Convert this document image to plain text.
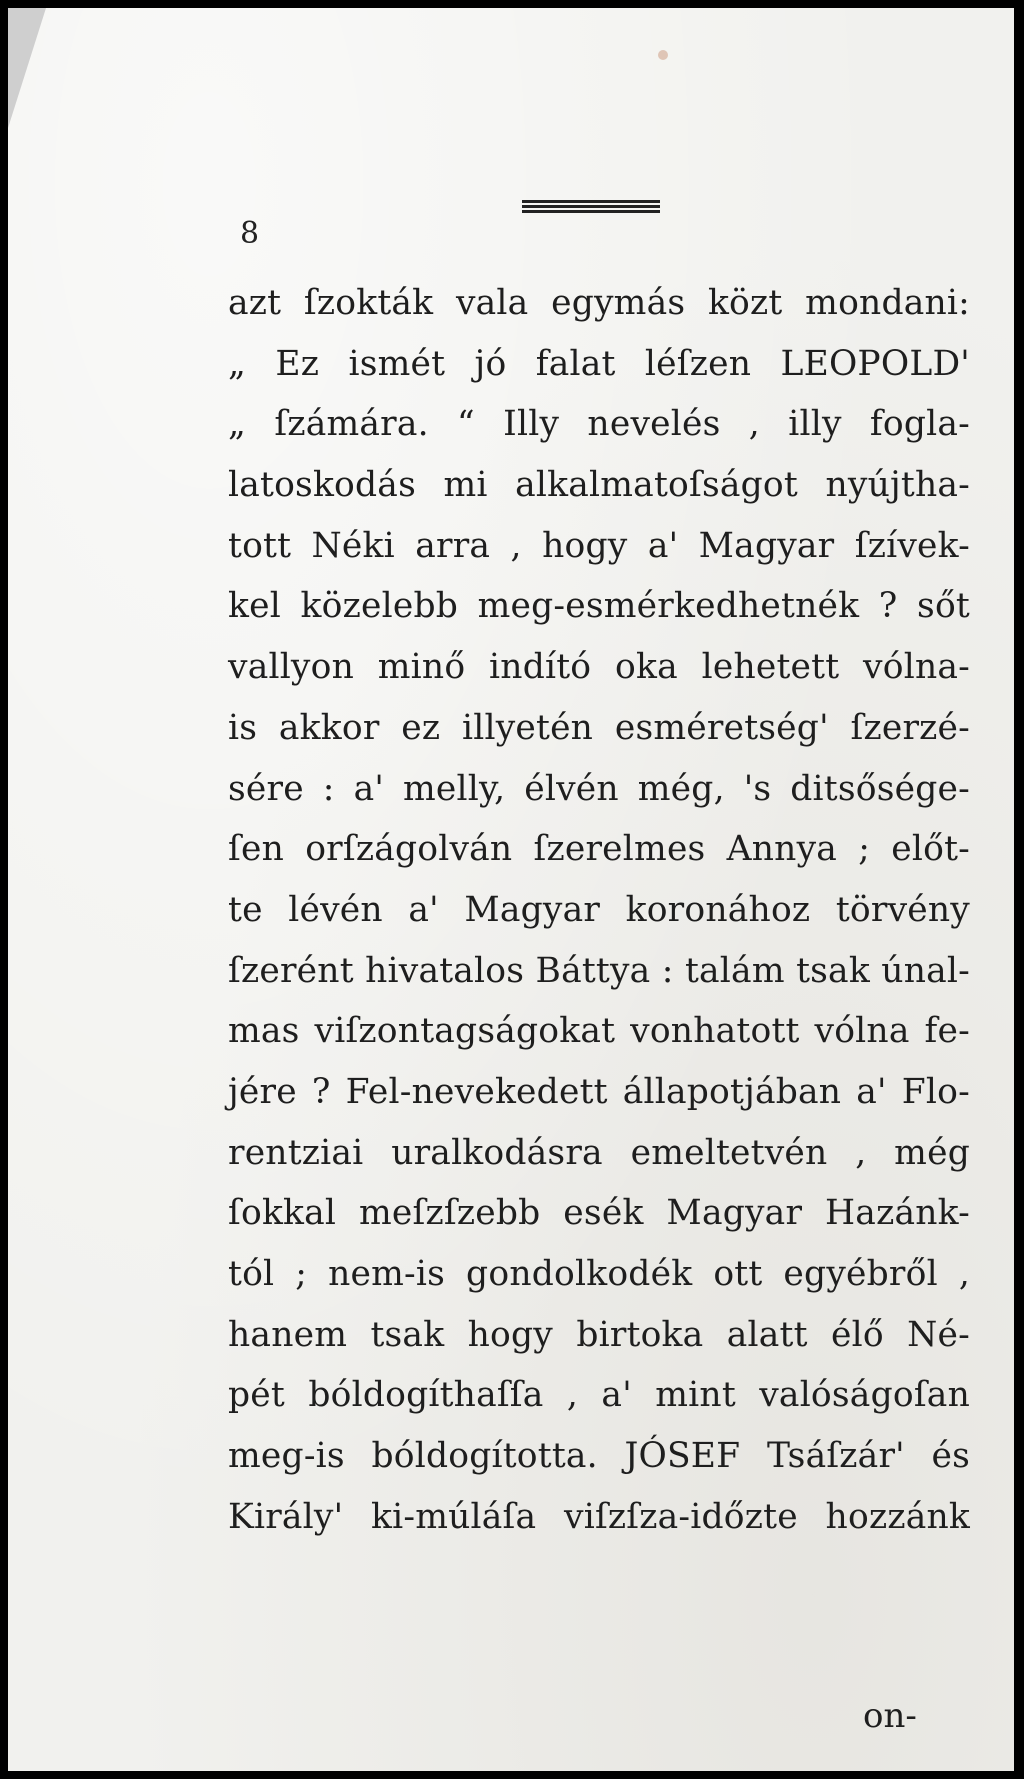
8
azt ſzokták vala egymás közt mondani:
„ Ez ismét jó falat léſzen LEOPOLD'
„ ſzámára. “ Illy nevelés , illy fogla-
latoskodás mi alkalmatoſságot nyújtha-
tott Néki arra , hogy a' Magyar ſzívek-
kel közelebb meg-esmérkedhetnék ? sőt
vallyon minő indító oka lehetett vólna-
is akkor ez illyetén esméretség' ſzerzé-
sére : a' melly, élvén még, 's ditsősége-
ſen orſzágolván ſzerelmes Annya ; előt-
te lévén a' Magyar koronához törvény
ſzerént hivatalos Báttya : talám tsak únal-
mas viſzontagságokat vonhatott vólna fe-
jére ? Fel-nevekedett állapotjában a' Flo-
rentziai uralkodásra emeltetvén , még
ſokkal meſzſzebb esék Magyar Hazánk-
tól ; nem-is gondolkodék ott egyébről ,
hanem tsak hogy birtoka alatt élő Né-
pét bóldogíthaſſa , a' mint valóságoſan
meg-is bóldogította. JÓSEF Tsáſzár' és
Király' ki-múláſa viſzſza-időzte hozzánk
on-
